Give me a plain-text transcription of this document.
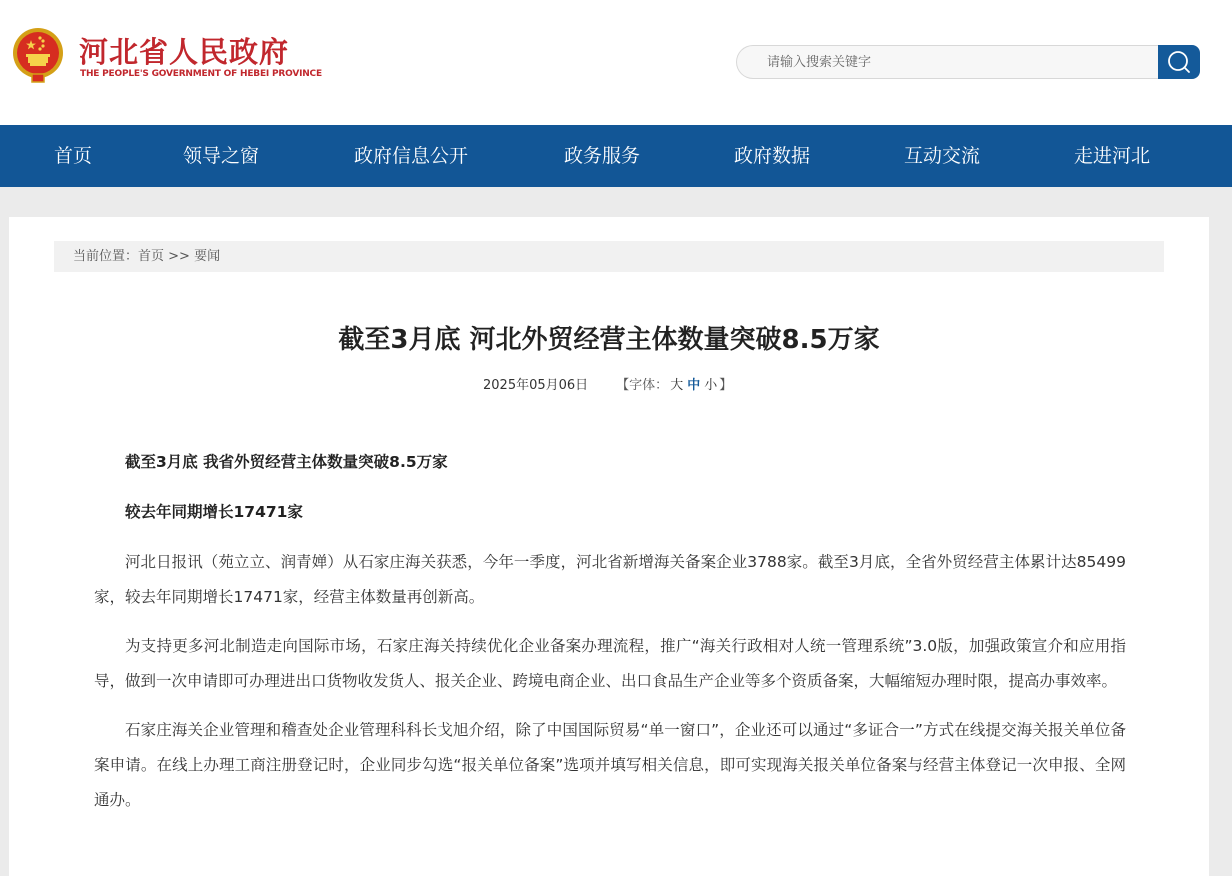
河北省人民政府
THE PEOPLE'S GOVERNMENT OF HEBEI PROVINCE
请输入搜索关键字
首页	领导之窗	政府信息公开	政务服务	政府数据	互动交流	走进河北
当前位置：首页 >> 要闻
截至3月底 河北外贸经营主体数量突破8.5万家
2025年05月06日 【字体： 大 中 小 】

截至3月底 我省外贸经营主体数量突破8.5万家

较去年同期增长17471家

河北日报讯（苑立立、润青婵）从石家庄海关获悉，今年一季度，河北省新增海关备案企业3788家。截至3月底，全省外贸经营主体累计达85499家，较去年同期增长17471家，经营主体数量再创新高。

为支持更多河北制造走向国际市场，石家庄海关持续优化企业备案办理流程，推广“海关行政相对人统一管理系统”3.0版，加强政策宣介和应用指导，做到一次申请即可办理进出口货物收发货人、报关企业、跨境电商企业、出口食品生产企业等多个资质备案，大幅缩短办理时限，提高办事效率。

石家庄海关企业管理和稽查处企业管理科科长戈旭介绍，除了中国国际贸易“单一窗口”，企业还可以通过“多证合一”方式在线提交海关报关单位备案申请。在线上办理工商注册登记时，企业同步勾选“报关单位备案”选项并填写相关信息，即可实现海关报关单位备案与经营主体登记一次申报、全网通办。
